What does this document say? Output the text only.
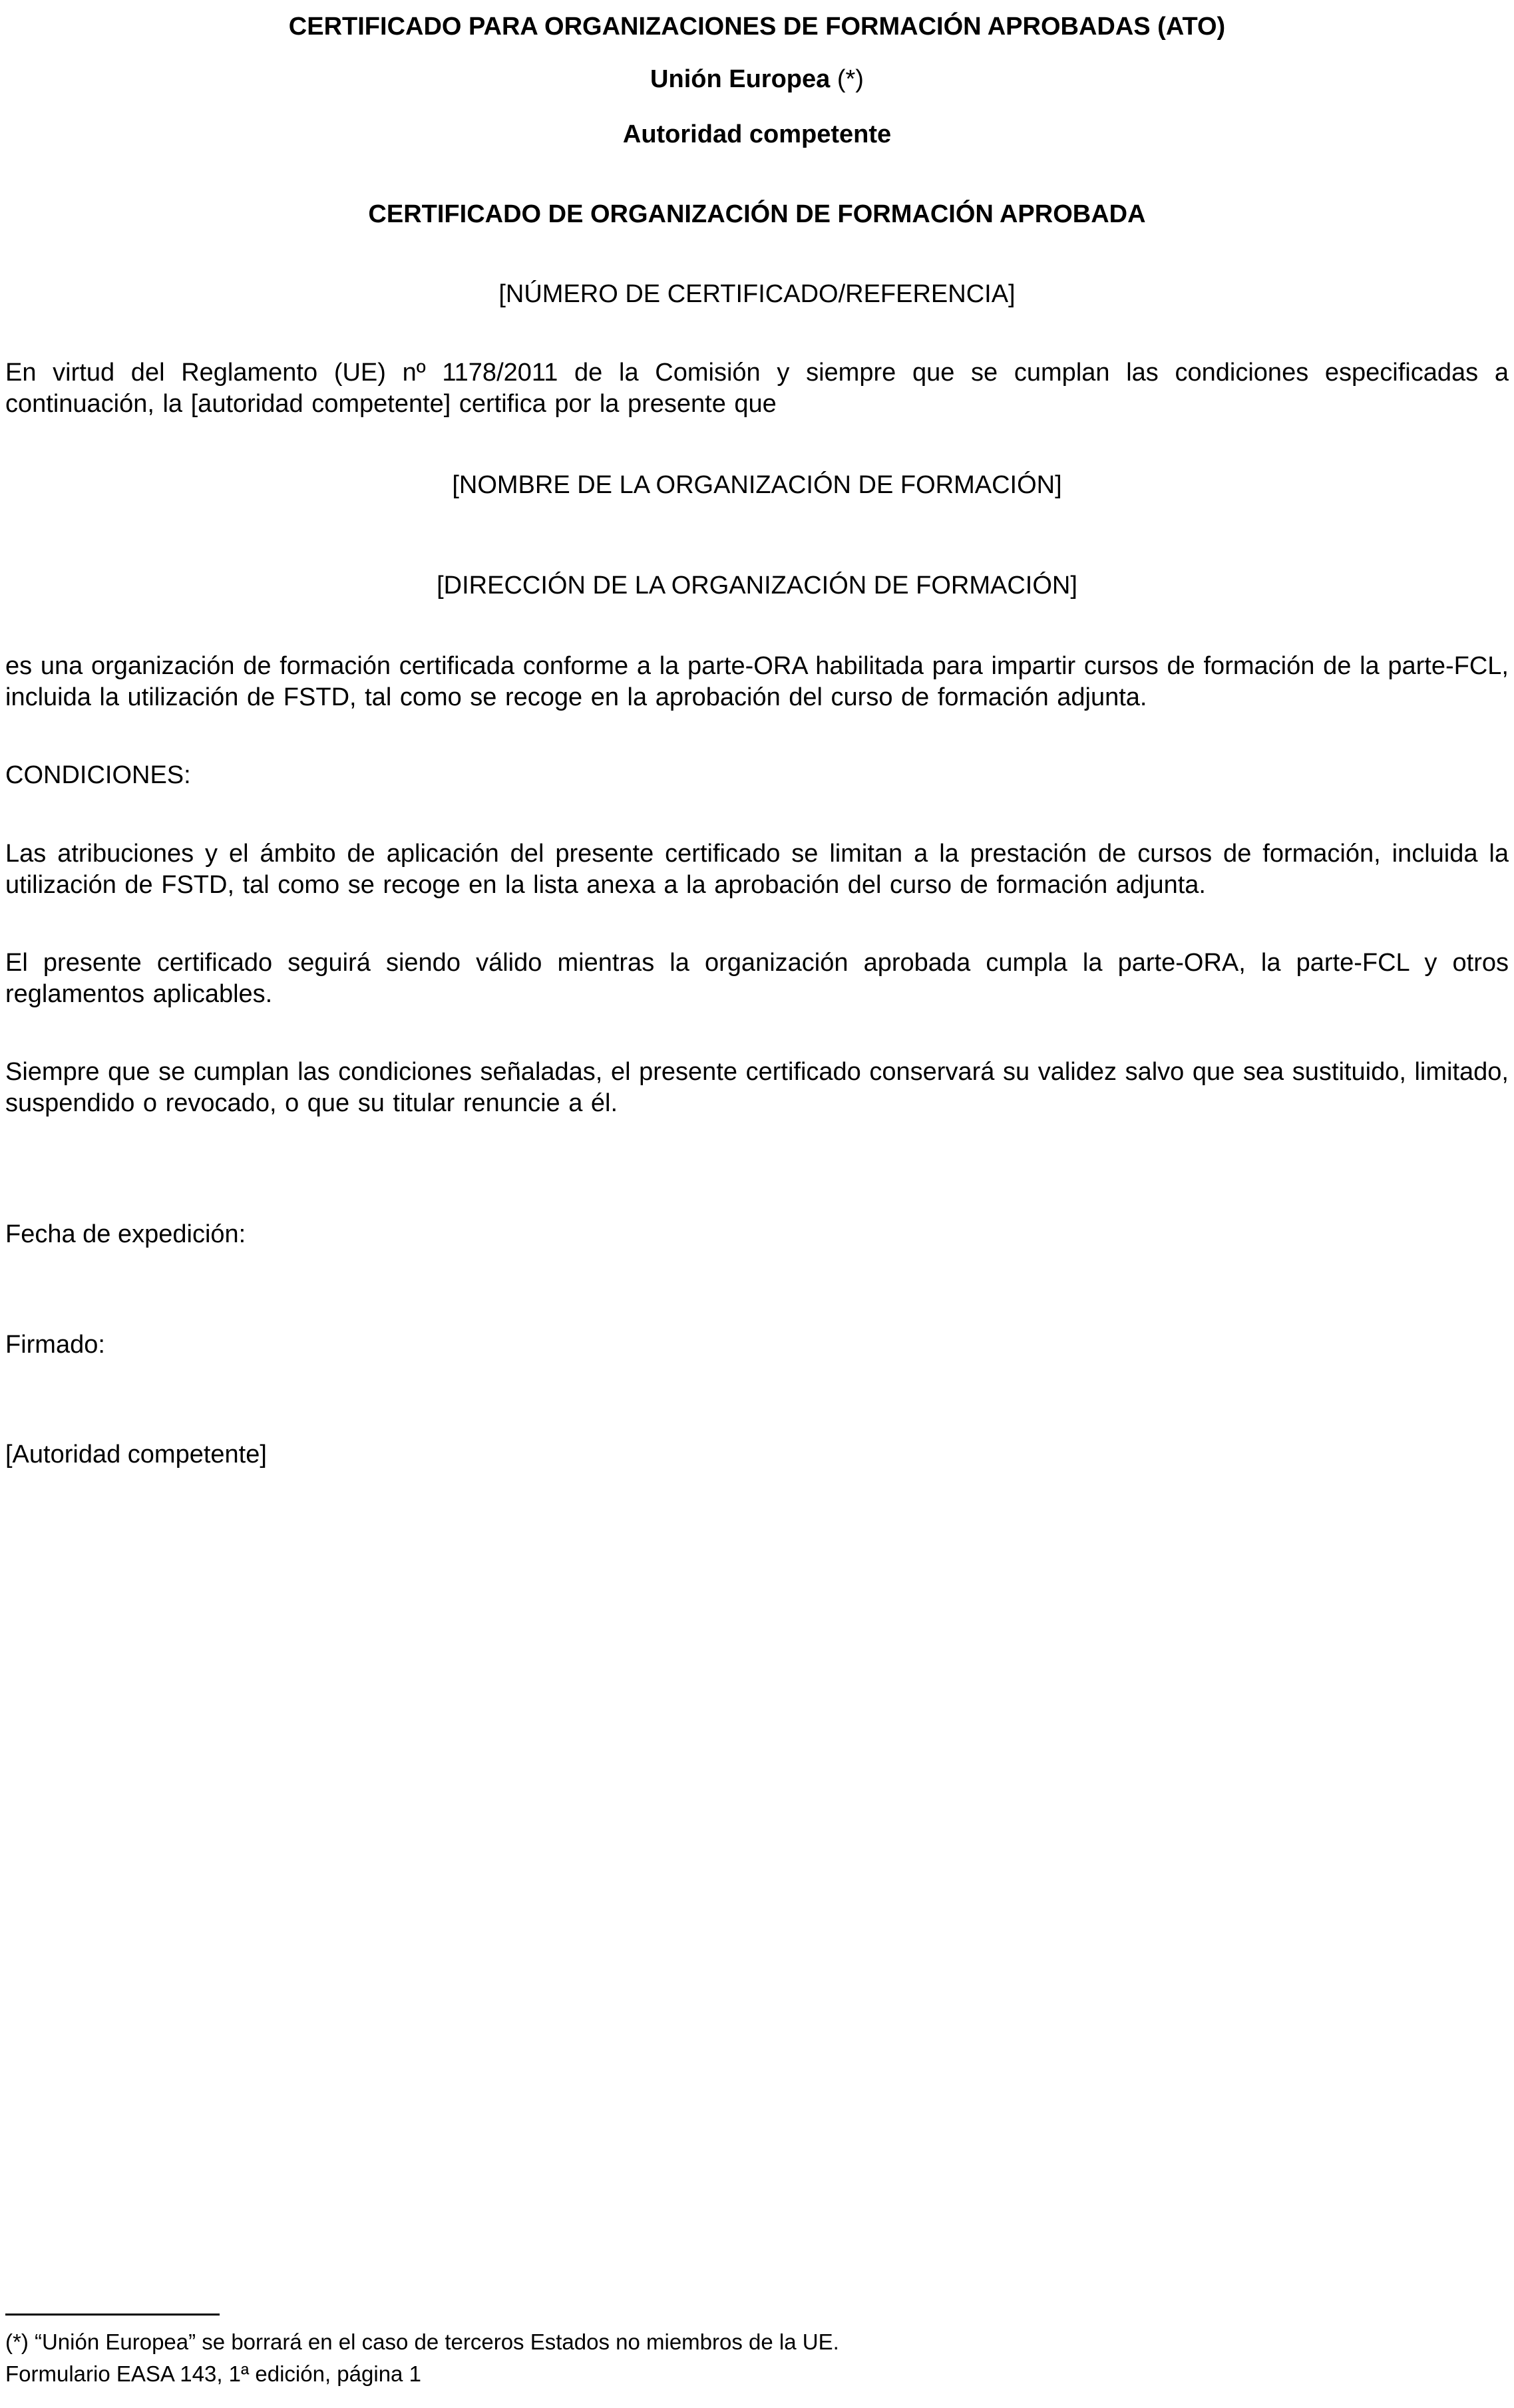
CERTIFICADO PARA ORGANIZACIONES DE FORMACIÓN APROBADAS (ATO)

Unión Europea (*)

Autoridad competente

CERTIFICADO DE ORGANIZACIÓN DE FORMACIÓN APROBADA

[NÚMERO DE CERTIFICADO/REFERENCIA]

En virtud del Reglamento (UE) nº 1178/2011 de la Comisión y siempre que se cumplan las condiciones especificadas a continuación, la [autoridad competente] certifica por la presente que

[NOMBRE DE LA ORGANIZACIÓN DE FORMACIÓN]

[DIRECCIÓN DE LA ORGANIZACIÓN DE FORMACIÓN]

es una organización de formación certificada conforme a la parte-ORA habilitada para impartir cursos de formación de la parte-FCL, incluida la utilización de FSTD, tal como se recoge en la aprobación del curso de formación adjunta.

CONDICIONES:

Las atribuciones y el ámbito de aplicación del presente certificado se limitan a la prestación de cursos de formación, incluida la utilización de FSTD, tal como se recoge en la lista anexa a la aprobación del curso de formación adjunta.

El presente certificado seguirá siendo válido mientras la organización aprobada cumpla la parte-ORA, la parte-FCL y otros reglamentos aplicables.

Siempre que se cumplan las condiciones señaladas, el presente certificado conservará su validez salvo que sea sustituido, limitado, suspendido o revocado, o que su titular renuncie a él.

Fecha de expedición:

Firmado:

[Autoridad competente]

(*) “Unión Europea” se borrará en el caso de terceros Estados no miembros de la UE.

Formulario EASA 143, 1ª edición, página 1
